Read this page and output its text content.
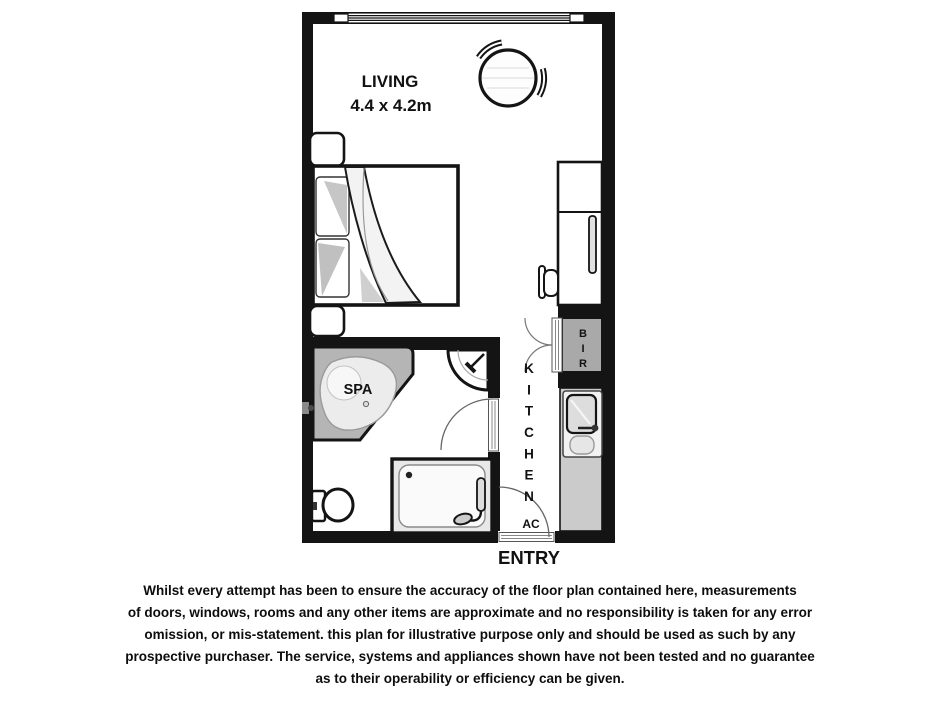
B
I
R
SPA
LIVING
4.4 x 4.2m
K
I
T
C
H
E
N
AC
ENTRY

Whilst every attempt has been to ensure the accuracy of the floor plan contained here, measurements

of doors, windows, rooms and any other items are approximate and no responsibility is taken for any error

omission, or mis-statement. this plan for illustrative purpose only and should be used as such by any

prospective purchaser. The service, systems and appliances shown have not been tested and no guarantee

as to their operability or efficiency can be given.
